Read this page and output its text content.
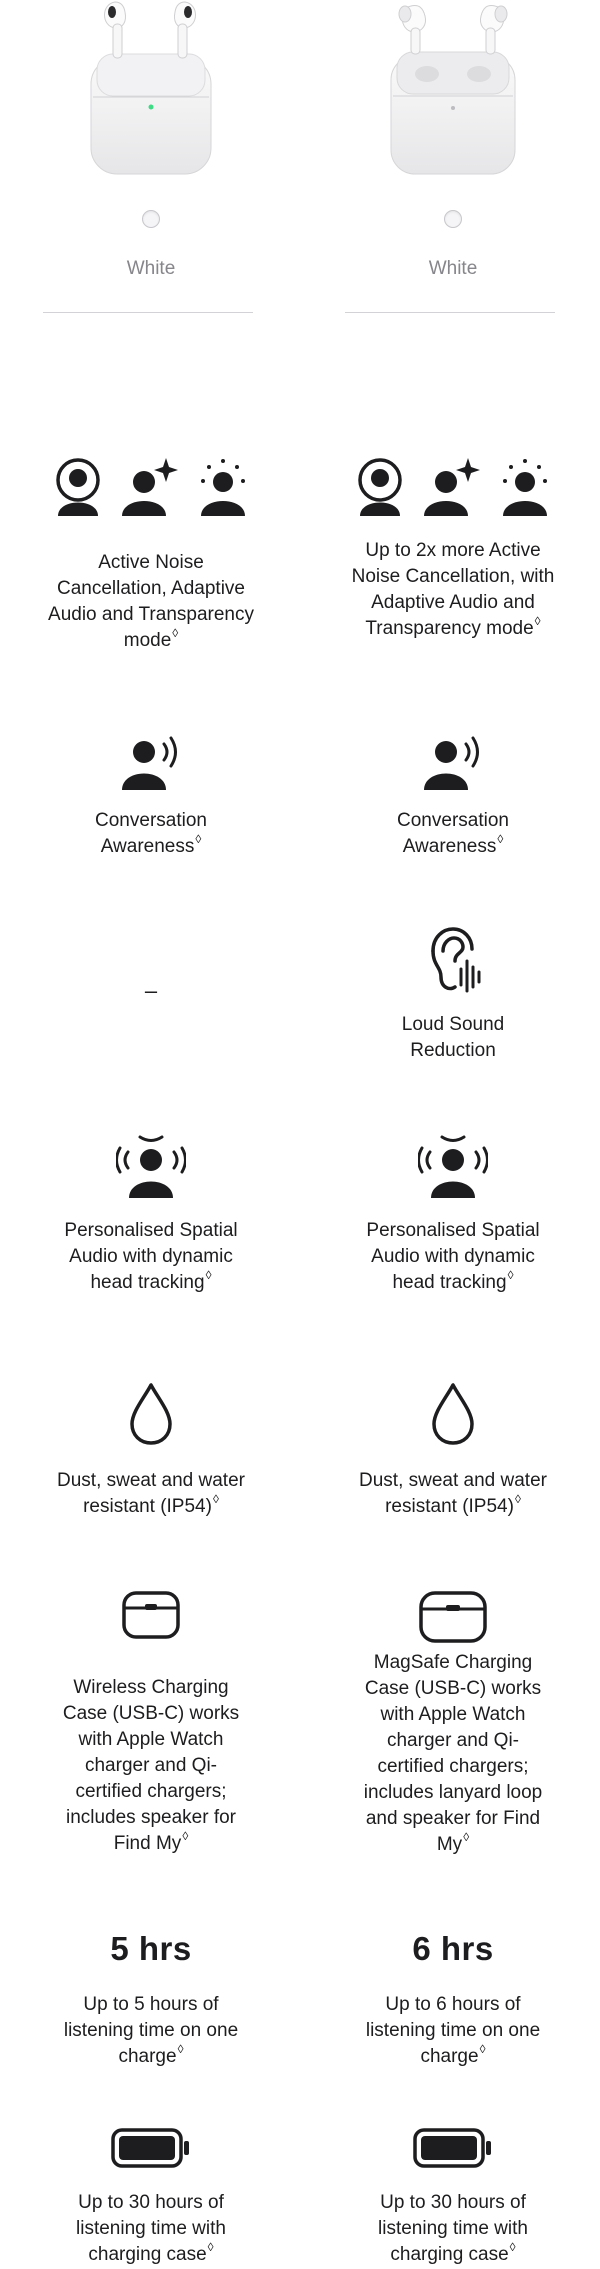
White
Active Noise Cancellation, Adaptive Audio and Transparency mode◊
Conversation Awareness◊
–
Personalised Spatial Audio with dynamic head tracking◊
Dust, sweat and water resistant (IP54)◊
Wireless Charging Case (USB-C) works with Apple Watch charger and Qi-certified chargers; includes speaker for Find My◊
5 hrs
Up to 5 hours of listening time on one charge◊
Up to 30 hours of listening time with charging case◊
White
Up to 2x more Active Noise Cancellation, with Adaptive Audio and Transparency mode◊
Conversation Awareness◊
Loud Sound Reduction
Personalised Spatial Audio with dynamic head tracking◊
Dust, sweat and water resistant (IP54)◊
MagSafe Charging Case (USB-C) works with Apple Watch charger and Qi-certified chargers; includes lanyard loop and speaker for Find My◊
6 hrs
Up to 6 hours of listening time on one charge◊
Up to 30 hours of listening time with charging case◊
